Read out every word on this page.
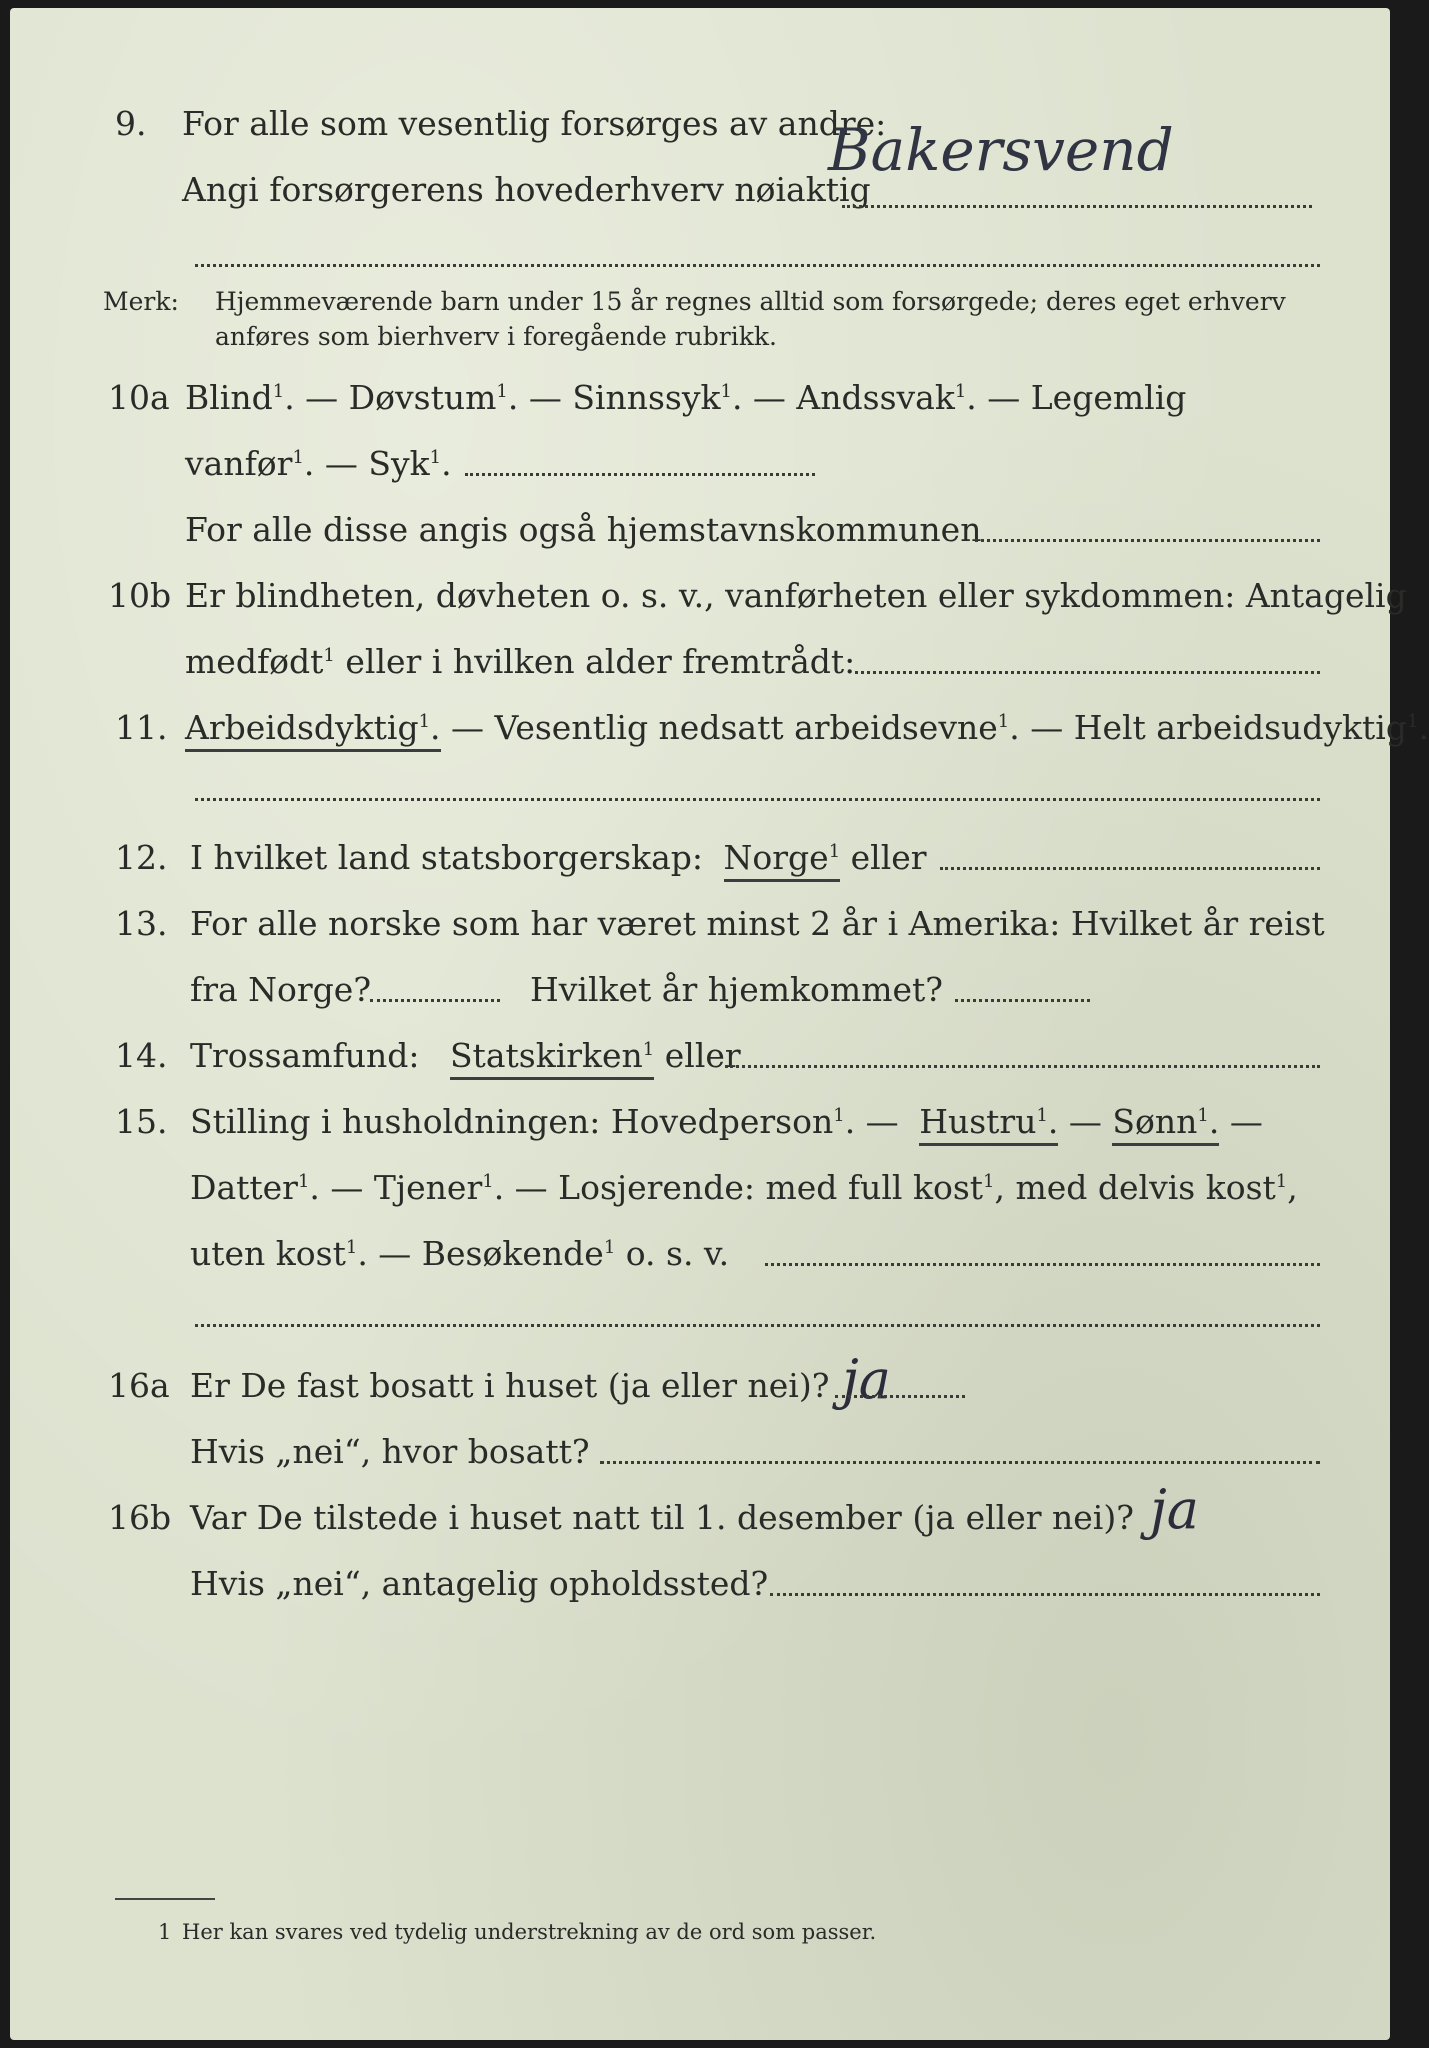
9. For alle som vesentlig forsørges av andre:
Angi forsørgerens hovederhverv nøiaktig
Bakersvend
Merk: Hjemmeværende barn under 15 år regnes alltid som forsørgede; deres eget erhverv
anføres som bierhverv i foregående rubrikk.
10a Blind$^1$. — Døvstum$^1$. — Sinnssyk$^1$. — Andssvak$^1$. — Legemlig
vanfør$^1$. — Syk$^1$.
For alle disse angis også hjemstavnskommunen
10b Er blindheten, døvheten o. s. v., vanførheten eller sykdommen: Antagelig
medfødt$^1$ eller i hvilken alder fremtrådt:
11. Arbeidsdyktig$^1$. — Vesentlig nedsatt arbeidsevne$^1$. — Helt arbeidsudyktig$^1$.
12. I hvilket land statsborgerskap: Norge$^1$ eller
13. For alle norske som har været minst 2 år i Amerika: Hvilket år reist
fra Norge?	Hvilket år hjemkommet?
14. Trossamfund: Statskirken$^1$ eller
15. Stilling i husholdningen: Hovedperson$^1$. — Hustru$^1$. — Sønn$^1$. —
Datter$^1$. — Tjener$^1$. — Losjerende: med full kost$^1$, med delvis kost$^1$,
uten kost$^1$. — Besøkende$^1$ o. s. v.
16a Er De fast bosatt i huset (ja eller nei)? ja
Hvis „nei“, hvor bosatt?
16b Var De tilstede i huset natt til 1. desember (ja eller nei)? ja
Hvis „nei“, antagelig opholdssted?
1 Her kan svares ved tydelig understrekning av de ord som passer.
